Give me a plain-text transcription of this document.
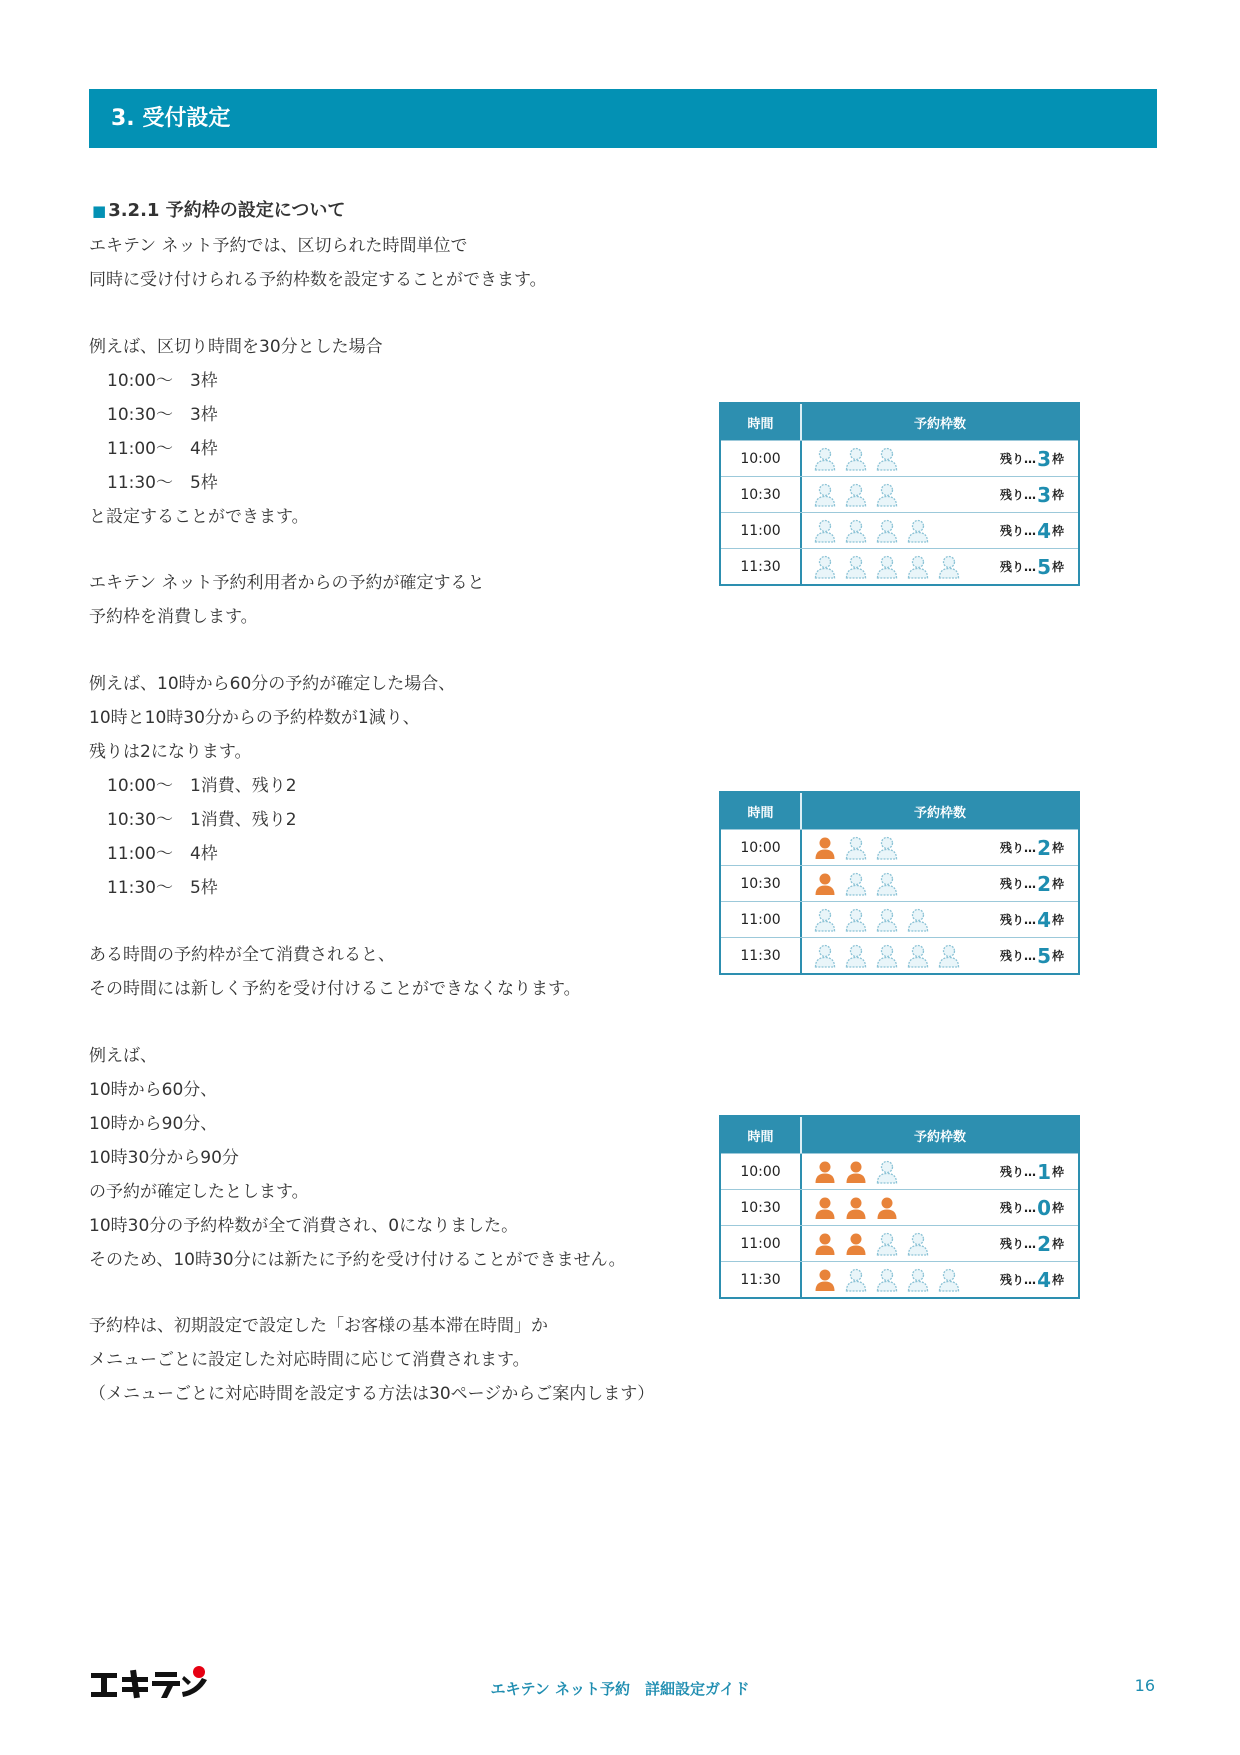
3. 受付設定
■ 3.2.1 予約枠の設定について
エキテン ネット予約では、区切られた時間単位で
同時に受け付けられる予約枠数を設定することができます。
例えば、区切り時間を30分とした場合
10:00～　3枠
10:30～　3枠
11:00～　4枠
11:30～　5枠
と設定することができます。
エキテン ネット予約利用者からの予約が確定すると
予約枠を消費します。
例えば、10時から60分の予約が確定した場合、
10時と10時30分からの予約枠数が1減り、
残りは2になります。
10:00～　1消費、残り2
10:30～　1消費、残り2
11:00～　4枠
11:30～　5枠
ある時間の予約枠が全て消費されると、
その時間には新しく予約を受け付けることができなくなります。
例えば、
10時から60分、
10時から90分、
10時30分から90分
の予約が確定したとします。
10時30分の予約枠数が全て消費され、0になりました。
そのため、10時30分には新たに予約を受け付けることができません。
予約枠は、初期設定で設定した「お客様の基本滞在時間」か
メニューごとに設定した対応時間に応じて消費されます。
（メニューごとに対応時間を設定する方法は30ページからご案内します）
時間	予約枠数
10:00	残り… 3 枠
10:30	残り… 3 枠
11:00	残り… 4 枠
11:30	残り… 5 枠
時間	予約枠数
10:00	残り… 2 枠
10:30	残り… 2 枠
11:00	残り… 4 枠
11:30	残り… 5 枠
時間	予約枠数
10:00	残り… 1 枠
10:30	残り… 0 枠
11:00	残り… 2 枠
11:30	残り… 4 枠
エキテン ネット予約　詳細設定ガイド	16
